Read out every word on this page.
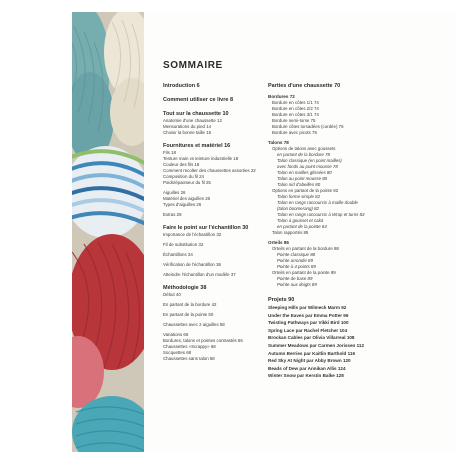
SOMMAIRE
Introduction 6
Comment utiliser ce livre 8
Tout sur la chaussette 10
Anatomie d'une chaussette 12
Mensurations du pied 14
Choisir la bonne taille 15
Fournitures et matériel 16
Fils 18
Tenture main vs teinture industrielle 18
Couleur des fils 18
Comment recolter des chaussettes assorties 22
Composition du fil 24
Poids/épaisseur du fil 25
Aiguilles 26
Matériel des aiguilles 26
Types d'aiguilles 26
Extras 28
Faire le point sur l'échantillon 30
Importance de l'échantillon 32
Fil de substitution 32
Échantillons 34
Vérification de l'échantillon 36
Atteindre l'échantillon d'un modèle 37
Méthodologie 38
Début 40
En partant de la bordure 42
En partant de la pointe 50
Chaussettes avec 2 aiguilles 58
Variations 66
Bordures, talons et pointes contrastés 66
Chaussettes «Scrappy» 68
Socquettes 68
Chaussettes sans talon 68
Parties d'une chaussette 70
Bordures 72
Bordure en côtes 1/1 74
Bordure en côtes 2/2 74
Bordure en côtes 3/1 74
Bordure semi-torse 75
Bordure côtes torsadées (cordée) 76
Bordure avec picots 76
Talons 78
Options de talons avec goussets
en partant de la bordure 78
Talon classique (en point mailles)
avec fonds au point mousse 78
Talon en mailles glissées 80
Talon au point mousse 80
Talon nid d'abeilles 80
Options en partant de la pointe 82
Talon forme simple 82
Talon en rangs raccourcis à maille double
(talon boomerang) 82
Talon en rangs raccourcis à Wrap et turns 83
Talon à gousset et calot
en partant de la pointe 84
Talon rapportés 85
Orteils 86
Orteils en partant de la bordure 88
Pointe classique 88
Pointe arrondie 89
Pointe à 4 points 89
Orteils en partant de la pointe 89
Pointe de base 89
Pointe aux doigts 89
Projets 90
Sleeping Hills par Wilmeck Marm 92
Under the Eaves par Emma Potter 96
Twisting Pathways par Vikki Bird 100
Spring Lace par Rachel Fletcher 104
Brockan Cables par Olivia Villarreal 108
Summer Meadows par Carmen Jorissen 112
Autumn Berries par Kaitlin Barthold 116
Red Sky At Night par Abby Brown 120
Beads of Dew par Annikan Allis 124
Winter Snow par Kerstin Balke 128
